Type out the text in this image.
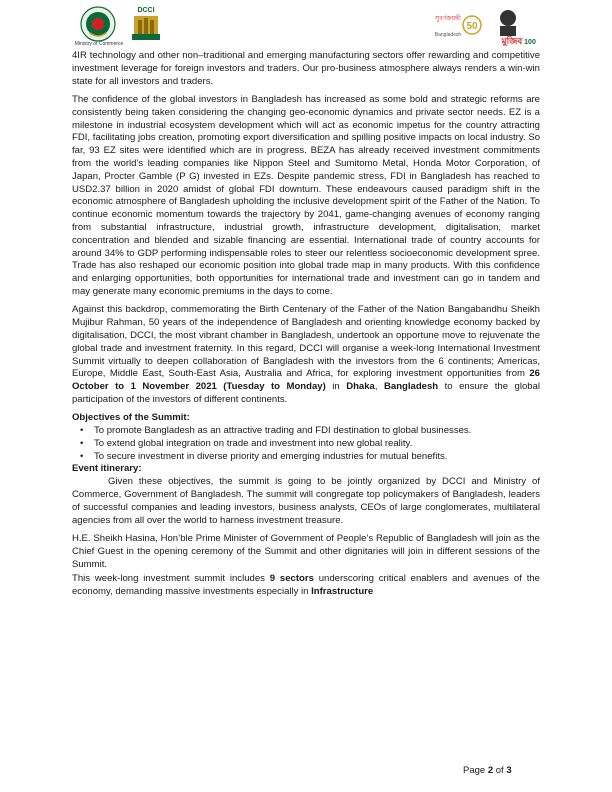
Ministry of Commerce
DCCI
সুবর্ণজয়ন্তী
Bangladesh
50
মুজিব 100

4IR technology and other non–traditional and emerging manufacturing sectors offer rewarding and competitive investment leverage for foreign investors and traders. Our pro-business atmosphere always renders a win-win state for all investors and traders.

The confidence of the global investors in Bangladesh has increased as some bold and strategic reforms are consistently being taken considering the changing geo-economic dynamics and private sector needs. EZ is a milestone in industrial ecosystem development which will act as economic impetus for the country attracting FDI, facilitating jobs creation, promoting export diversification and spilling positive impacts on local industry. So far, 93 EZ sites were identified which are in progress. BEZA has already received investment commitments from the world’s leading companies like Nippon Steel and Sumitomo Metal, Honda Motor Corporation, of Japan, Procter Gamble (P G) invested in EZs. Despite pandemic stress, FDI in Bangladesh has reached to USD2.37 billion in 2020 amidst of global FDI downturn. These endeavours caused paradigm shift in the economic atmosphere of Bangladesh upholding the inclusive development spirit of the Father of the Nation. To continue economic momentum towards the trajectory by 2041, game-changing avenues of economy ranging from substantial infrastructure, industrial growth, infrastructure development, digitalisation, market concentration and blended and sizable financing are essential. International trade of country accounts for around 34% to GDP performing indispensable roles to steer our relentless socioeconomic development spree. Trade has also reshaped our economic position into global trade map in many products. With this confidence and enlarging opportunities, both opportunities for international trade and investment can go in tandem and may generate many economic premiums in the days to come.

Against this backdrop, commemorating the Birth Centenary of the Father of the Nation Bangabandhu Sheikh Mujibur Rahman, 50 years of the independence of Bangladesh and orienting knowledge economy backed by digitalisation, DCCI, the most vibrant chamber in Bangladesh, undertook an opportune move to rejuvenate the global trade and investment fraternity. In this regard, DCCI will organise a week-long International Investment Summit virtually to deepen collaboration of Bangladesh with the investors from the 6 continents; Americas, Europe, Middle East, South-East Asia, Australia and Africa, for exploring investment opportunities from 26 October to 1 November 2021 (Tuesday to Monday) in Dhaka, Bangladesh to ensure the global participation of the investors of different continents.

Objectives of the Summit:

• To promote Bangladesh as an attractive trading and FDI destination to global businesses.
• To extend global integration on trade and investment into new global reality.
• To secure investment in diverse priority and emerging industries for mutual benefits.

Event itinerary:

Given these objectives, the summit is going to be jointly organized by DCCI and Ministry of Commerce, Government of Bangladesh. The summit will congregate top policymakers of Bangladesh, leaders of successful companies and leading investors, business analysts, CEOs of large conglomerates, multilateral agencies from all over the world to harness investment treasure.

H.E. Sheikh Hasina, Hon’ble Prime Minister of Government of People’s Republic of Bangladesh will join as the Chief Guest in the opening ceremony of the Summit and other dignitaries will join in different sessions of the Summit.

This week-long investment summit includes 9 sectors underscoring critical enablers and avenues of the economy, demanding massive investments especially in Infrastructure

Page 2 of 3
